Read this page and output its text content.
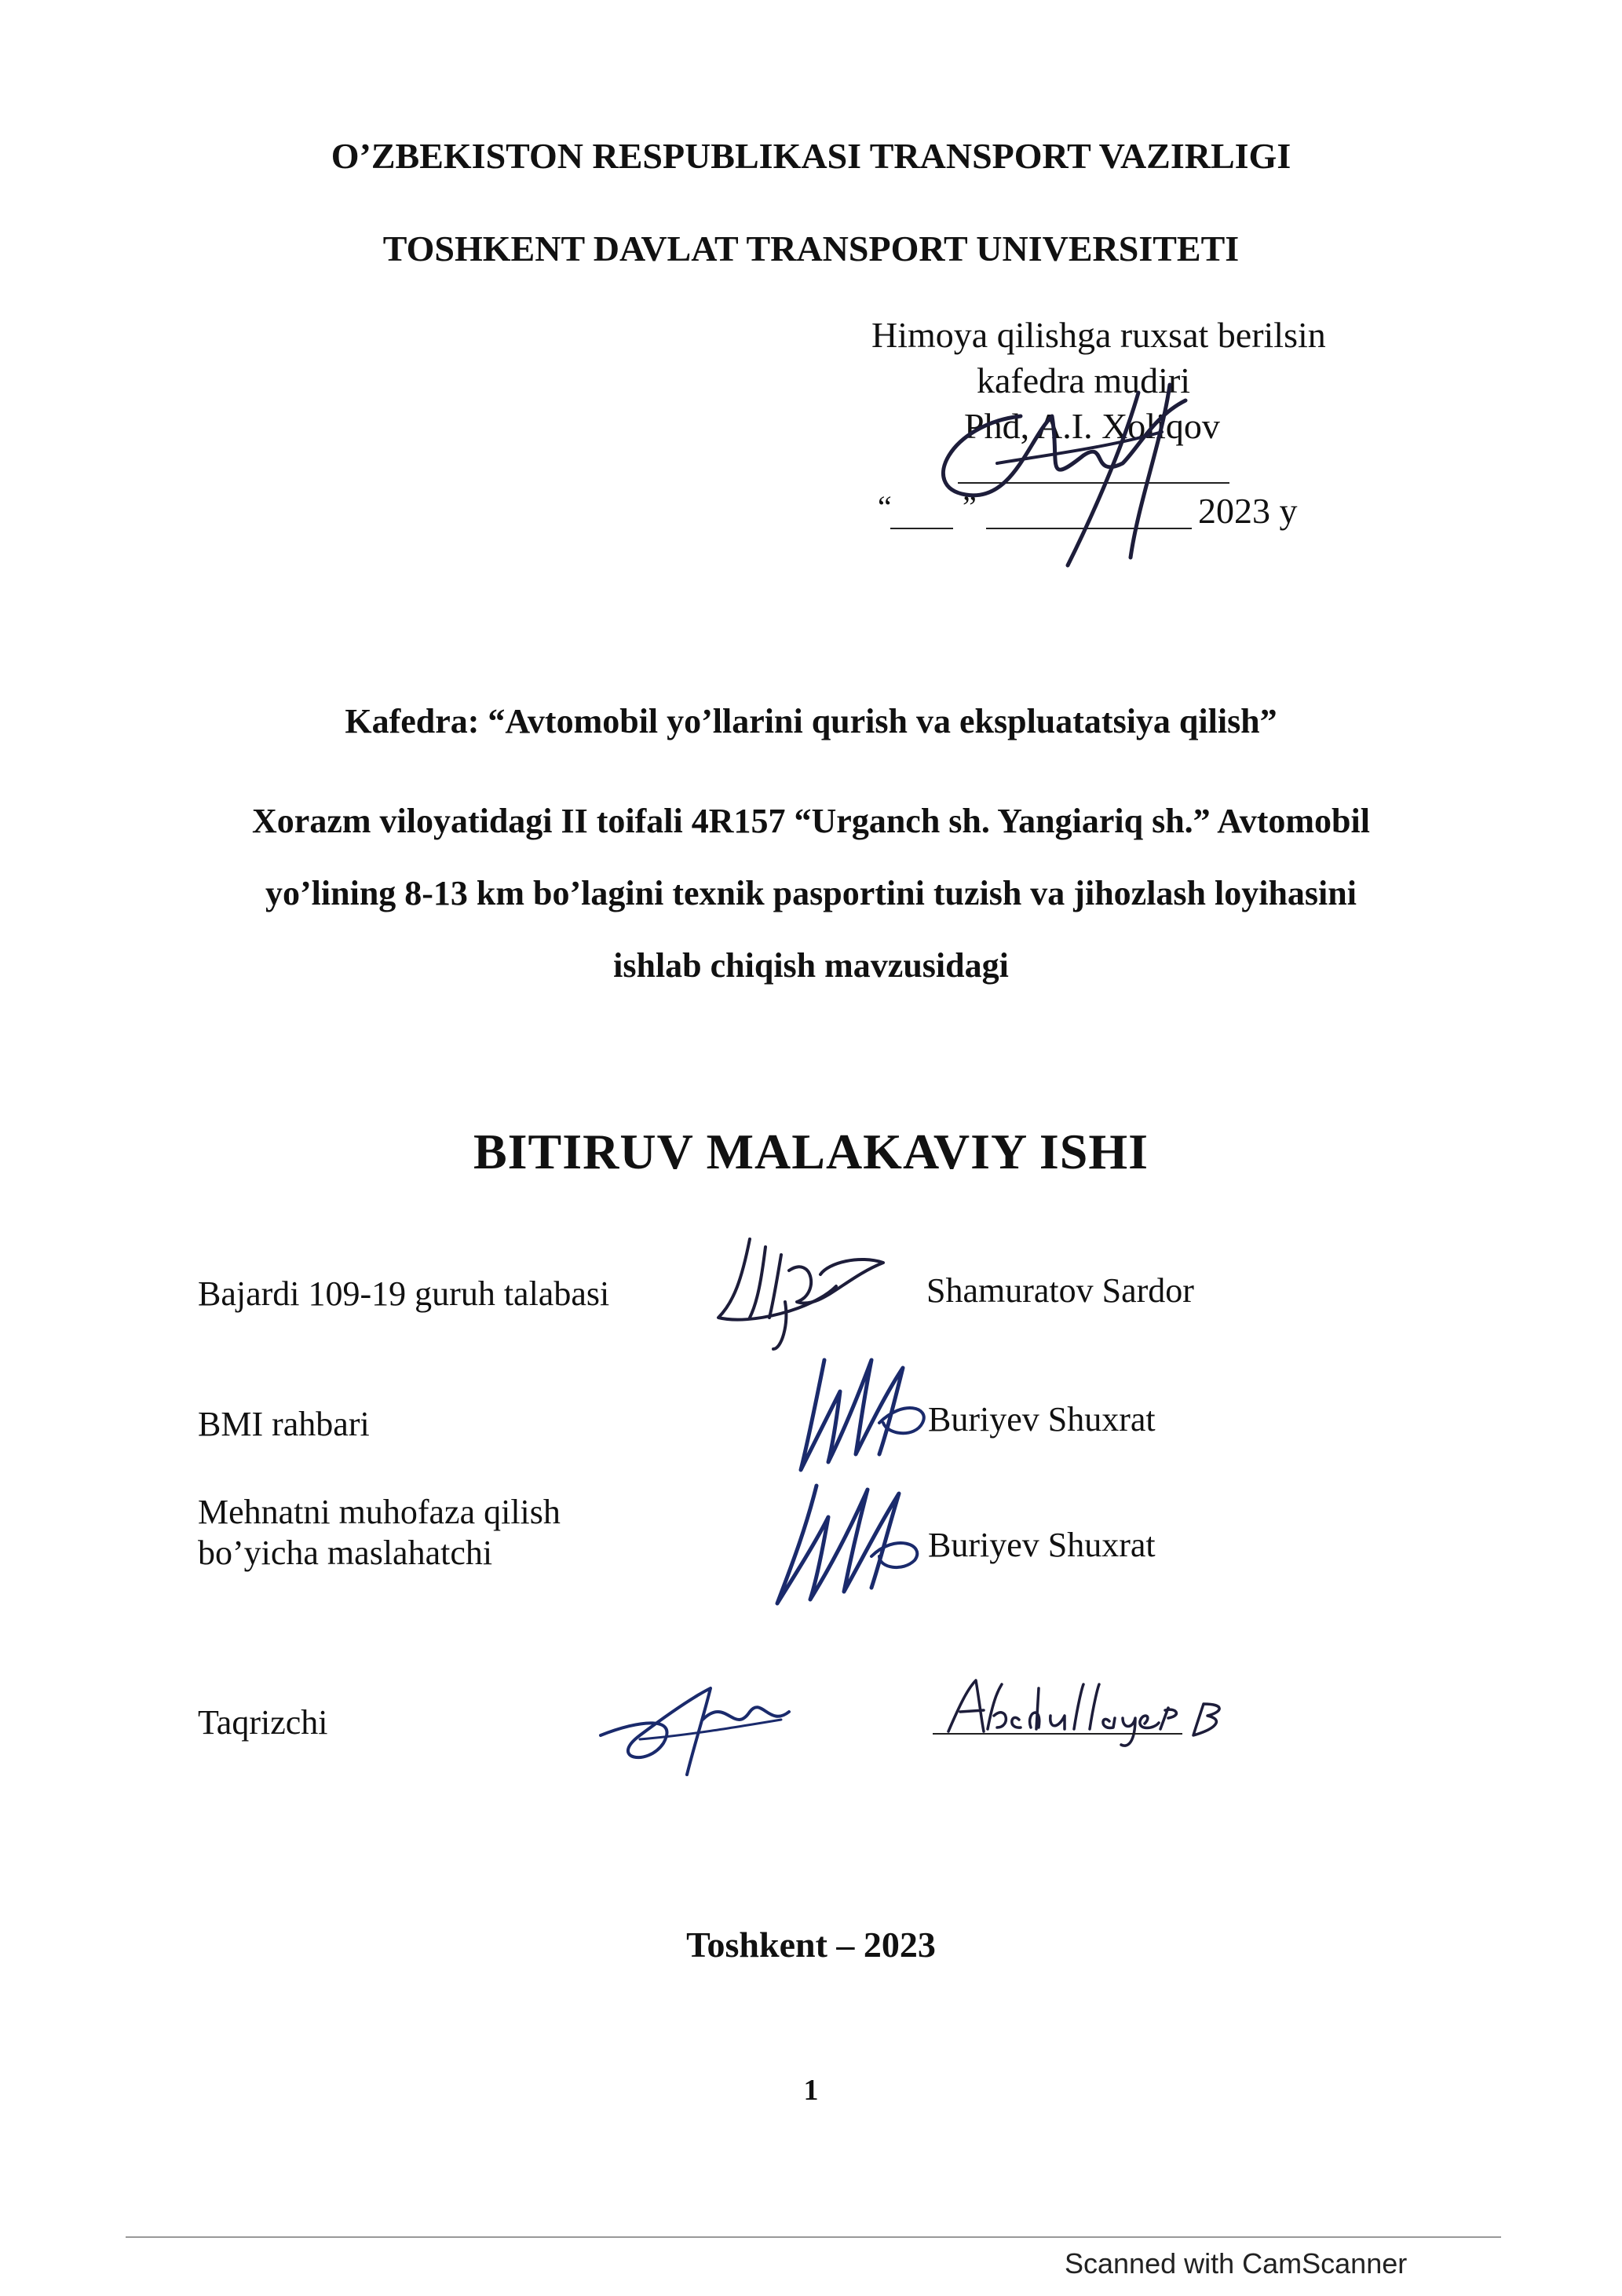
O’ZBEKISTON RESPUBLIKASI TRANSPORT VAZIRLIGI
TOSHKENT DAVLAT TRANSPORT UNIVERSITETI
Himoya qilishga ruxsat berilsin
kafedra mudiri
Phd, A.I. Xoliqov
“ ”	2023 y
Kafedra: “Avtomobil yo’llarini qurish va ekspluatatsiya qilish”
Xorazm viloyatidagi II toifali 4R157 “Urganch sh. Yangiariq sh.” Avtomobil
yo’lining 8-13 km bo’lagini texnik pasportini tuzish va jihozlash loyihasini
ishlab chiqish mavzusidagi
BITIRUV MALAKAVIY ISHI
Bajardi 109-19 guruh talabasi	Shamuratov Sardor
BMI rahbari	Buriyev Shuxrat
Mehnatni muhofaza qilish
bo’yicha maslahatchi	Buriyev Shuxrat
Taqrizchi
Toshkent – 2023
1
Scanned with CamScanner
